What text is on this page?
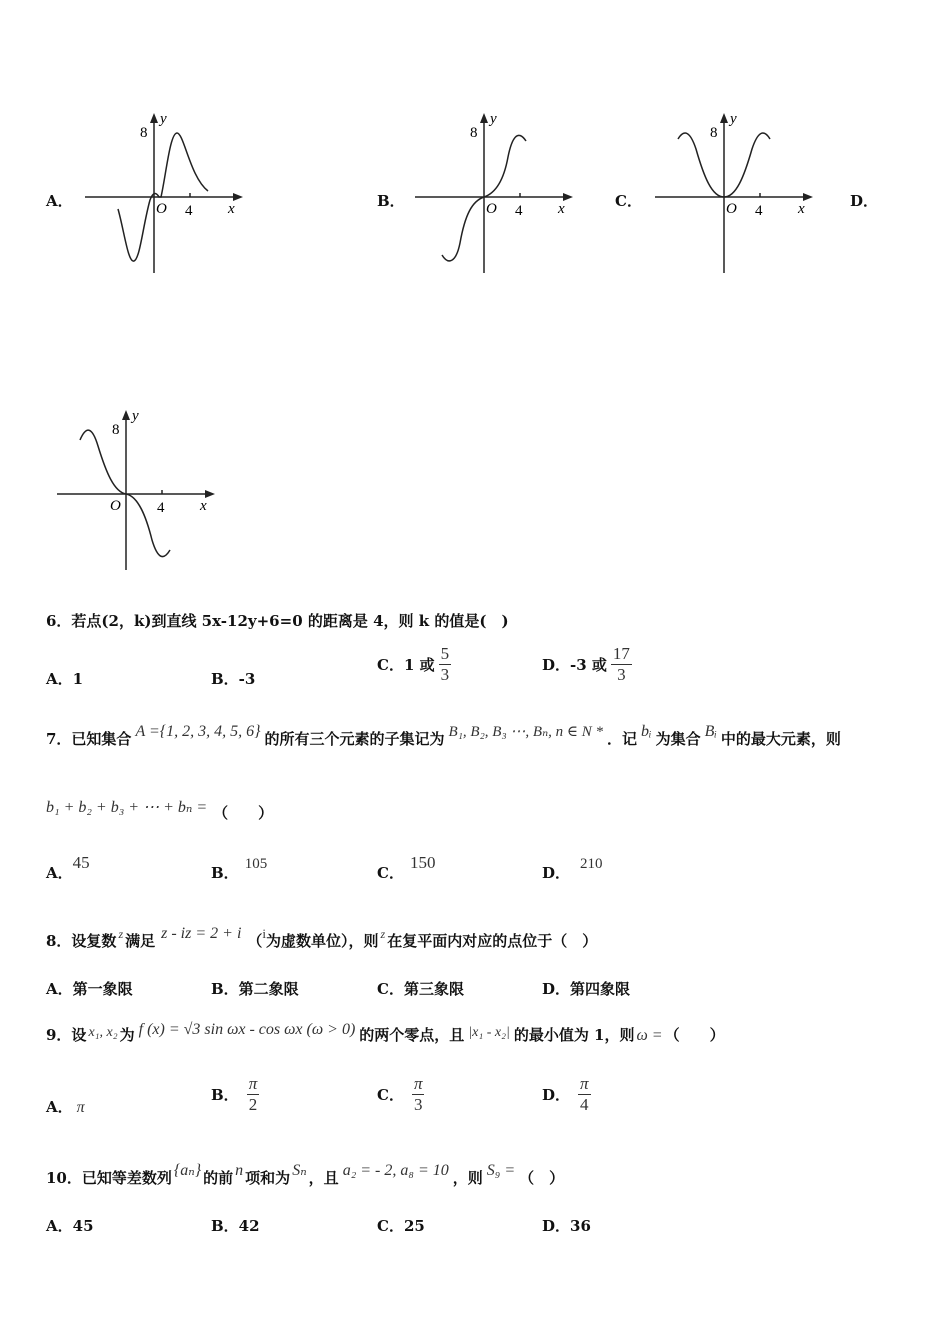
A．	B．	C．	D．
y
8
O 4 x
y
8
O 4 x
y
8
O 4 x
y
8
O 4 x
6．若点(2，k)到直线 5x-12y+6=0 的距离是 4，则 k 的值是(　)
A．1	B．-3
C．1 或 $\frac{5}{3}$	D．-3 或 $\frac{17}{3}$
7．已知集合 A ={1, 2, 3, 4, 5, 6} 的所有三个元素的子集记为 B₁, B₂, B₃ ⋯, Bₙ, n ∈ N * ．记 bᵢ 为集合 Bᵢ 中的最大元素，则
b₁ + b₂ + b₃ + ⋯ + bₙ = （　　）
A．45
B． 105	C．150
D． 210
8．设复数 z 满足 z - iz = 2 + i （ i 为虚数单位），则 z 在复平面内对应的点位于（　）
A．第一象限	B．第二象限	C．第三象限	D．第四象限
9．设 x₁, x₂ 为 f (x) = √3 sin ωx - cos ωx (ω > 0) 的两个零点，且 |x₁ - x₂| 的最小值为 1，则 ω = （　　）
A． π
B． $\frac{\pi}{2}$	C． $\frac{\pi}{3}$	D． $\frac{\pi}{4}$
10．已知等差数列 {aₙ} 的前 n 项和为 Sₙ ，且 a₂ = - 2, a₈ = 10 ，则 S₉ = （　）
A．45	B．42	C．25	D．36
